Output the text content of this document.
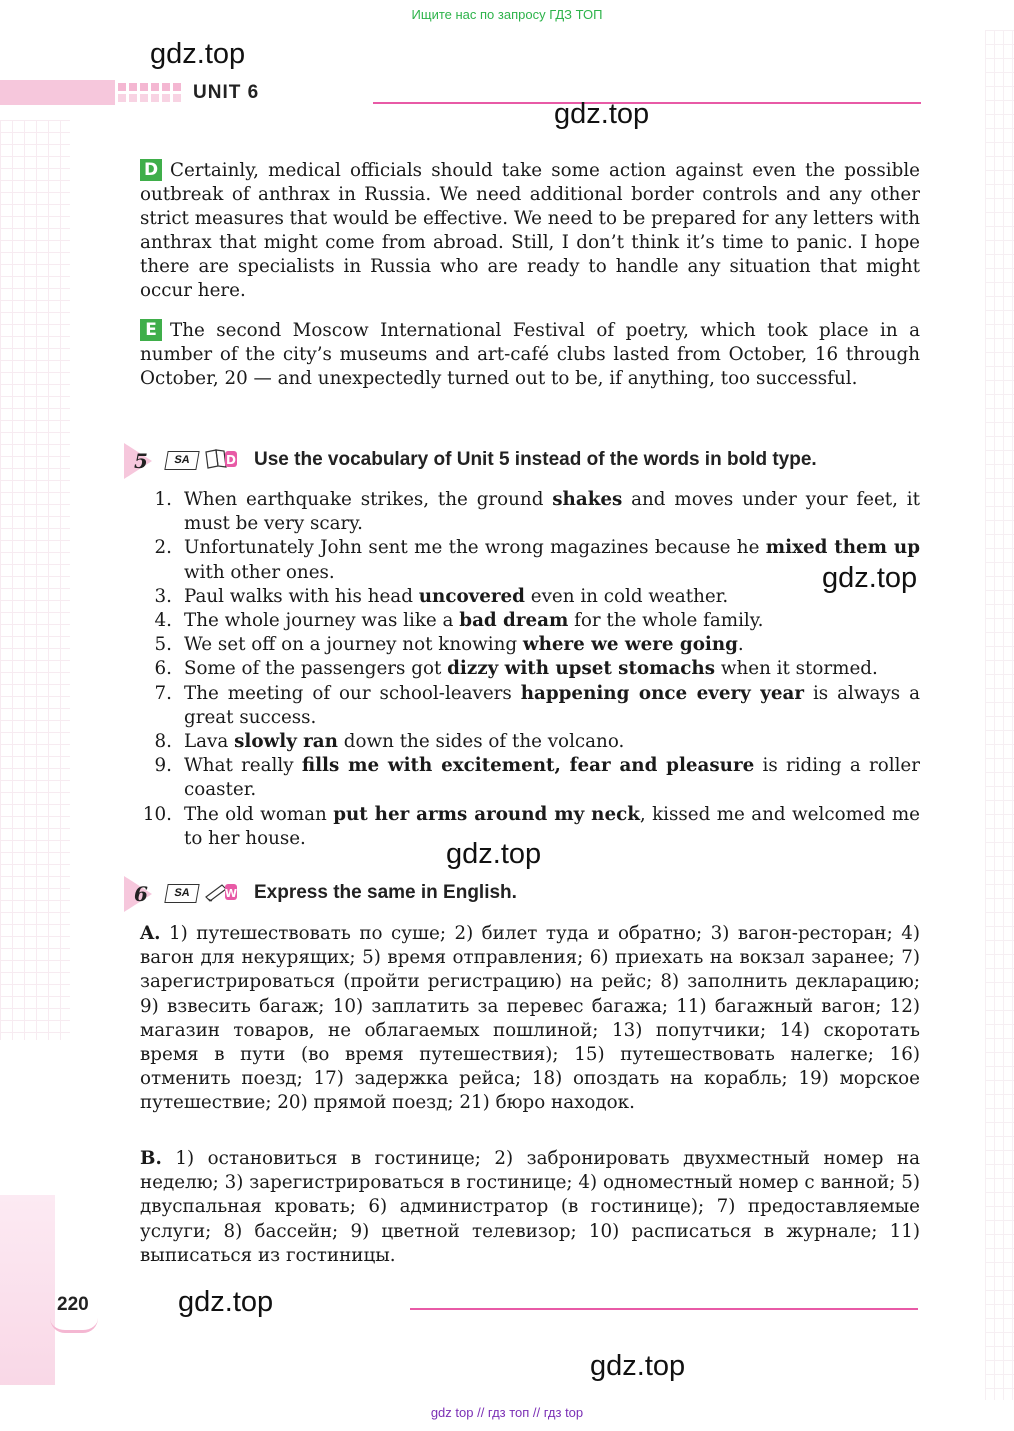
Ищите нас по запросу ГДЗ ТОП
gdz.top
UNIT 6
gdz.top

D Certainly, medical officials should take some action against even the possible outbreak of anthrax in Russia. We need additional border controls and any other strict measures that would be effective. We need to be prepared for any letters with anthrax that might come from abroad. Still, I don’t think it’s time to panic. I hope there are specialists in Russia who are ready to handle any situation that might occur here.

E The second Moscow International Festival of poetry, which took place in a number of the city’s museums and art-café clubs lasted from October, 16 through October, 20 — and unexpectedly turned out to be, if anything, too successful.

5	SA	D Use the vocabulary of Unit 5 instead of the words in bold type.
1. When earthquake strikes, the ground shakes and moves under your feet, it must be very scary.
2. Unfortunately John sent me the wrong magazines because he mixed them up with other ones.
3. Paul walks with his head uncovered even in cold weather.
4. The whole journey was like a bad dream for the whole family.
5. We set off on a journey not knowing where we were going.
6. Some of the passengers got dizzy with upset stomachs when it stormed.
7. The meeting of our school-leavers happening once every year is always a great success.
8. Lava slowly ran down the sides of the volcano.
9. What really fills me with excitement, fear and pleasure is riding a roller coaster.
10. The old woman put her arms around my neck, kissed me and welcomed me to her house.
gdz.top
gdz.top
6	SA	W Express the same in English.
A. 1) путешествовать по суше; 2) билет туда и обратно; 3) вагон-ресторан; 4) вагон для некурящих; 5) время отправления; 6) приехать на вокзал заранее; 7) зарегистрироваться (пройти регистрацию) на рейс; 8) заполнить декларацию; 9) взвесить багаж; 10) заплатить за перевес багажа; 11) багажный вагон; 12) магазин товаров, не облагаемых пошлиной; 13) попутчики; 14) скоротать время в пути (во время путешествия); 15) путешествовать налегке; 16) отменить поезд; 17) задержка рейса; 18) опоздать на корабль; 19) морское путешествие; 20) прямой поезд; 21) бюро находок.
B. 1) остановиться в гостинице; 2) забронировать двухместный номер на неделю; 3) зарегистрироваться в гостинице; 4) одноместный номер с ванной; 5) двуспальная кровать; 6) администратор (в гостинице); 7) предоставляемые услуги; 8) бассейн; 9) цветной телевизор; 10) расписаться в журнале; 11) выписаться из гостиницы.
220	gdz.top
gdz.top
gdz top // гдз топ // гдз top
